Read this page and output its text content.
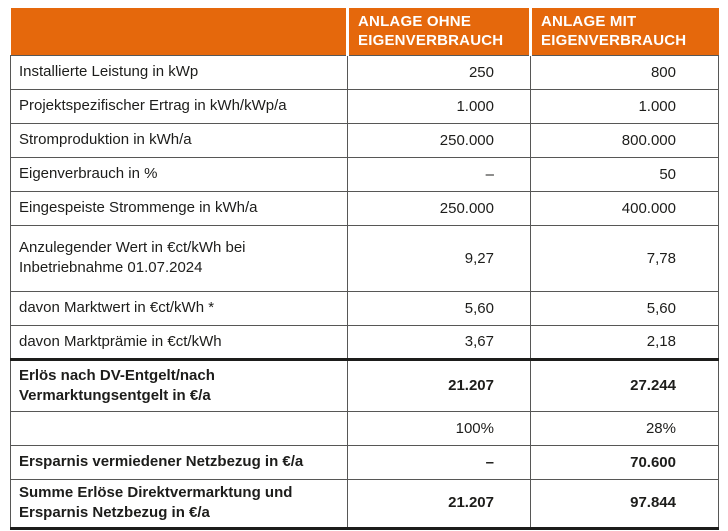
	ANLAGE OHNE EIGENVERBRAUCH	ANLAGE MIT EIGENVERBRAUCH
Installierte Leistung in kWp	250	800
Projektspezifischer Ertrag in kWh/kWp/a	1.000	1.000
Stromproduktion in kWh/a	250.000	800.000
Eigenverbrauch in %	–	50
Eingespeiste Strommenge in kWh/a	250.000	400.000
Anzulegender Wert in €ct/kWh bei Inbetriebnahme 01.07.2024	9,27	7,78
davon Marktwert in €ct/kWh *	5,60	5,60
davon Marktprämie in €ct/kWh	3,67	2,18
Erlös nach DV-Entgelt/nach Vermarktungsentgelt in €/a	21.207	27.244
	100%	28%
Ersparnis vermiedener Netzbezug in €/a	–	70.600
Summe Erlöse Direktvermarktung und Ersparnis Netzbezug in €/a	21.207	97.844
